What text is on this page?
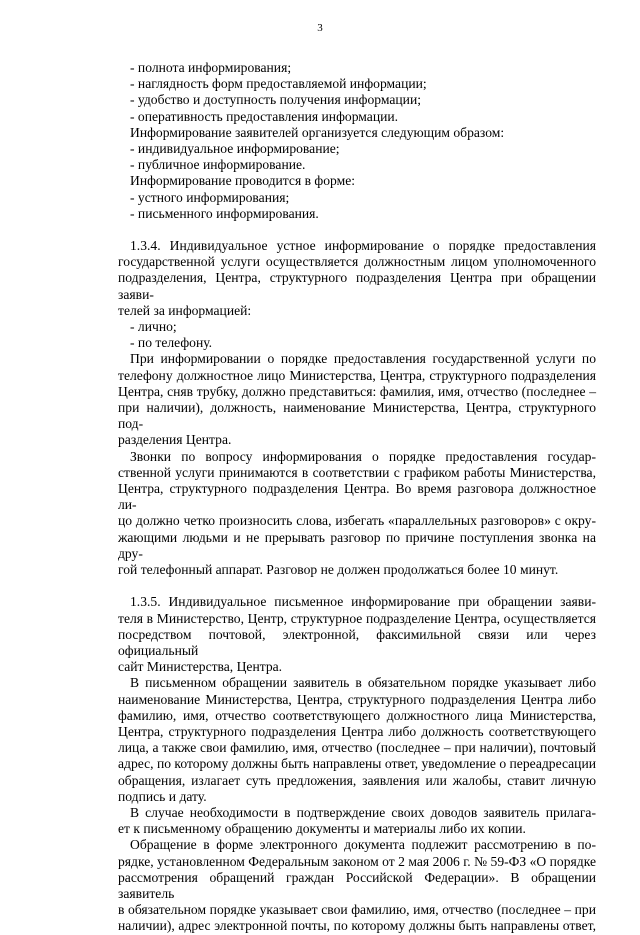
3
- полнота информирования;
- наглядность форм предоставляемой информации;
- удобство и доступность получения информации;
- оперативность предоставления информации.
Информирование заявителей организуется следующим образом:
- индивидуальное информирование;
- публичное информирование.
Информирование проводится в форме:
- устного информирования;
- письменного информирования.
1.3.4. Индивидуальное устное информирование о порядке предоставления
государственной услуги осуществляется должностным лицом уполномоченного
подразделения, Центра, структурного подразделения Центра при обращении заяви-
телей за информацией:
- лично;
- по телефону.
При информировании о порядке предоставления государственной услуги по
телефону должностное лицо Министерства, Центра, структурного подразделения
Центра, сняв трубку, должно представиться: фамилия, имя, отчество (последнее –
при наличии), должность, наименование Министерства, Центра, структурного под-
разделения Центра.
Звонки по вопросу информирования о порядке предоставления государ-
ственной услуги принимаются в соответствии с графиком работы Министерства,
Центра, структурного подразделения Центра. Во время разговора должностное ли-
цо должно четко произносить слова, избегать «параллельных разговоров» с окру-
жающими людьми и не прерывать разговор по причине поступления звонка на дру-
гой телефонный аппарат. Разговор не должен продолжаться более 10 минут.
1.3.5. Индивидуальное письменное информирование при обращении заяви-
теля в Министерство, Центр, структурное подразделение Центра, осуществляется
посредством почтовой, электронной, факсимильной связи или через официальный
сайт Министерства, Центра.
В письменном обращении заявитель в обязательном порядке указывает либо
наименование Министерства, Центра, структурного подразделения Центра либо
фамилию, имя, отчество соответствующего должностного лица Министерства,
Центра, структурного подразделения Центра либо должность соответствующего
лица, а также свои фамилию, имя, отчество (последнее – при наличии), почтовый
адрес, по которому должны быть направлены ответ, уведомление о переадресации
обращения, излагает суть предложения, заявления или жалобы, ставит личную
подпись и дату.
В случае необходимости в подтверждение своих доводов заявитель прилага-
ет к письменному обращению документы и материалы либо их копии.
Обращение в форме электронного документа подлежит рассмотрению в по-
рядке, установленном Федеральным законом от 2 мая 2006 г. № 59-ФЗ «О порядке
рассмотрения обращений граждан Российской Федерации». В обращении заявитель
в обязательном порядке указывает свои фамилию, имя, отчество (последнее – при
наличии), адрес электронной почты, по которому должны быть направлены ответ,
